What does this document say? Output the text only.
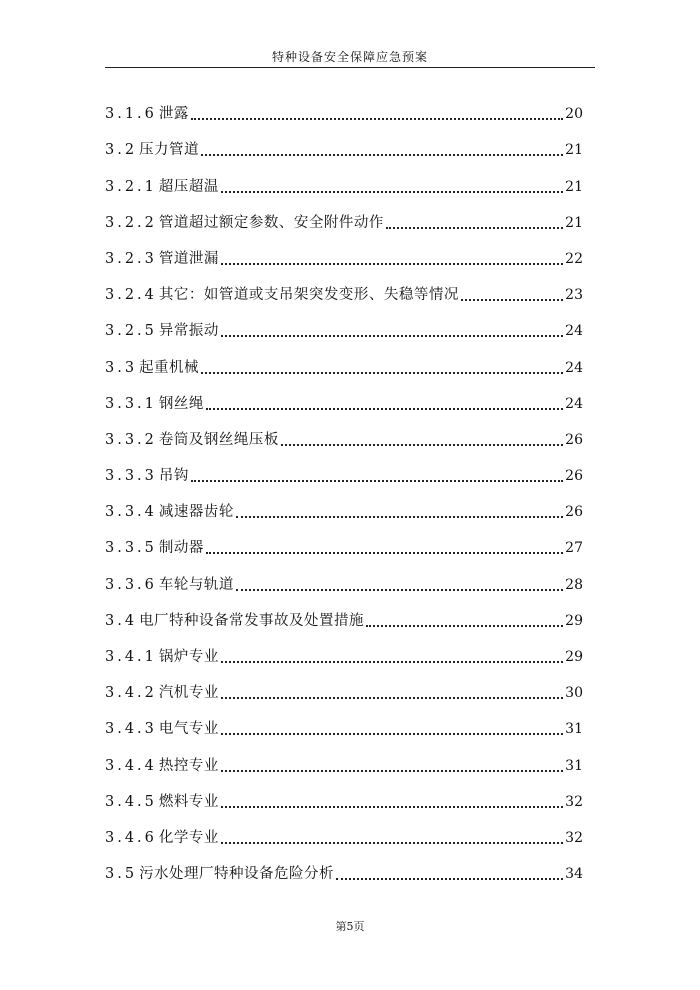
特种设备安全保障应急预案
3.1.6 泄露	20
3.2 压力管道	21
3.2.1 超压超温	21
3.2.2 管道超过额定参数、安全附件动作	21
3.2.3 管道泄漏	22
3.2.4 其它：如管道或支吊架突发变形、失稳等情况	23
3.2.5 异常振动	24
3.3 起重机械	24
3.3.1 钢丝绳	24
3.3.2 卷筒及钢丝绳压板	26
3.3.3 吊钩	26
3.3.4 减速器齿轮	26
3.3.5 制动器	27
3.3.6 车轮与轨道	28
3.4 电厂特种设备常发事故及处置措施	29
3.4.1 锅炉专业	29
3.4.2 汽机专业	30
3.4.3 电气专业	31
3.4.4 热控专业	31
3.4.5 燃料专业	32
3.4.6 化学专业	32
3.5 污水处理厂特种设备危险分析	34
第5页
